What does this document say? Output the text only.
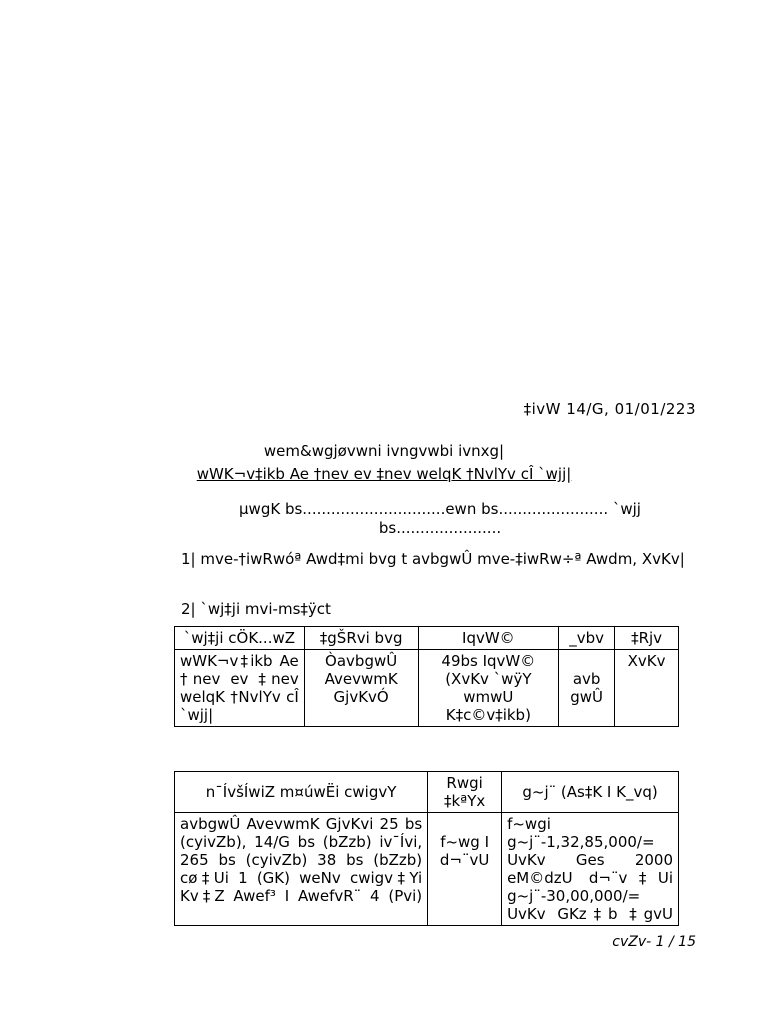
‡ivW 14/G, 01/01/223
wem&wgjøvwni ivngvwbi ivnxg|
wWK¬v‡ikb Ae †nev ev ‡nev welqK †NvlYv cÎ `wjj|
µwgK bs..............................ewn bs....................... `wjj bs......................
1| mve-†iwRwóª Awd‡mi bvg t avbgwÛ mve-‡iwRw÷ª Awdm, XvKv|
2| `wj‡ji mvi-ms‡ÿct
`wj‡ji cÖK...wZ	‡gŠRvi bvg	IqvW©	_vbv	‡Rjv
wWK¬v‡ikb Ae †nev ev ‡nev welqK †NvlYv cÎ `wjj|	ÒavbgwÛ AvevwmK GjvKvÓ	49bs IqvW© (XvKv `wÿY wmwU K‡c©v‡ikb)	avb gwÛ	XvKv
n¯ÍvšÍwiZ m¤úwËi cwigvY	Rwgi ‡kªYx	g~j¨ (As‡K I K_vq)
avbgwÛ AvevwmK GjvKvi 25 bs (cyivZb), 14/G bs (bZzb) iv¯Ívi, 265 bs (cyivZb) 38 bs (bZzb) cø‡Ui 1 (GK) weNv cwigv‡Yi Kv‡Z Awef³ I AwefvR¨ 4 (Pvi)	f~wg I d¬¨vU	f~wgi g~j¨-1,32,85,000/= UvKv Ges 2000 eM©dzU d¬¨v‡Ui g~j¨-30,00,000/= UvKv GKz‡b ‡gvU
cvZv- 1 / 15
